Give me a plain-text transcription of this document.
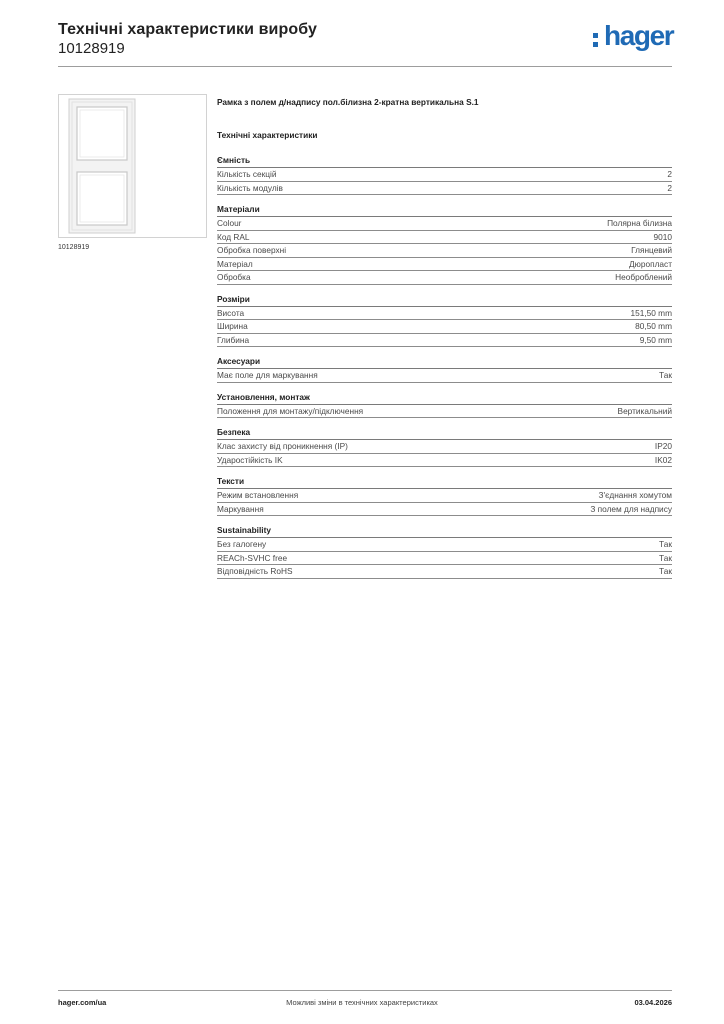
Технічні характеристики виробу
10128919	hager
10128919
Рамка з полем д/надпису пол.білизна 2-кратна вертикальна S.1
Технічні характеристики
Ємність
Кількість секцій	2
Кількість модулів	2
Матеріали
Colour	Полярна білизна
Код RAL	9010
Обробка поверхні	Глянцевий
Матеріал	Дюропласт
Обробка	Необроблений
Розміри
Висота	151,50 mm
Ширина	80,50 mm
Глибина	9,50 mm
Аксесуари
Має поле для маркування	Так
Установлення, монтаж
Положення для монтажу/підключення	Вертикальний
Безпека
Клас захисту від проникнення (IP)	IP20
Ударостійкість IK	IK02
Тексти
Режим встановлення	З'єднання хомутом
Маркування	З полем для надпису
Sustainability
Без галогену	Так
REACh-SVHC free	Так
Відповідність RoHS	Так
hager.com/ua	Можливі зміни в технічних характеристиках	03.04.2026
